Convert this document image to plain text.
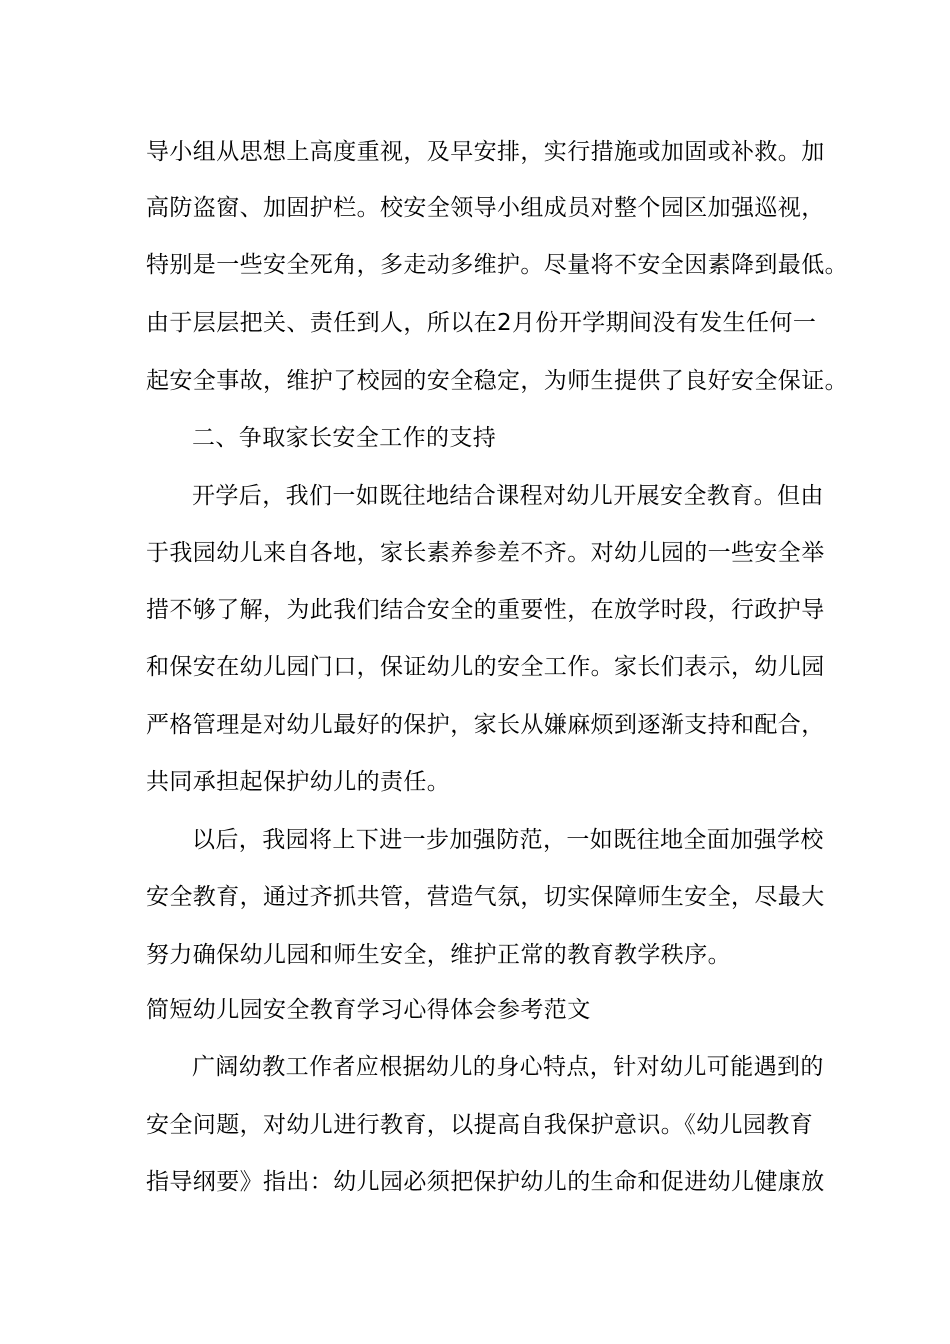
导小组从思想上高度重视，及早安排，实行措施或加固或补救。加
高防盗窗、加固护栏。校安全领导小组成员对整个园区加强巡视，
特别是一些安全死角，多走动多维护。尽量将不安全因素降到最低。
由于层层把关、责任到人，所以在2月份开学期间没有发生任何一
起安全事故，维护了校园的安全稳定，为师生提供了良好安全保证。
二、争取家长安全工作的支持
开学后，我们一如既往地结合课程对幼儿开展安全教育。但由
于我园幼儿来自各地，家长素养参差不齐。对幼儿园的一些安全举
措不够了解，为此我们结合安全的重要性，在放学时段，行政护导
和保安在幼儿园门口，保证幼儿的安全工作。家长们表示，幼儿园
严格管理是对幼儿最好的保护，家长从嫌麻烦到逐渐支持和配合，
共同承担起保护幼儿的责任。
以后，我园将上下进一步加强防范，一如既往地全面加强学校
安全教育，通过齐抓共管，营造气氛，切实保障师生安全，尽最大
努力确保幼儿园和师生安全，维护正常的教育教学秩序。
简短幼儿园安全教育学习心得体会参考范文
广阔幼教工作者应根据幼儿的身心特点，针对幼儿可能遇到的
安全问题，对幼儿进行教育，以提高自我保护意识。《幼儿园教育
指导纲要》指出：幼儿园必须把保护幼儿的生命和促进幼儿健康放
